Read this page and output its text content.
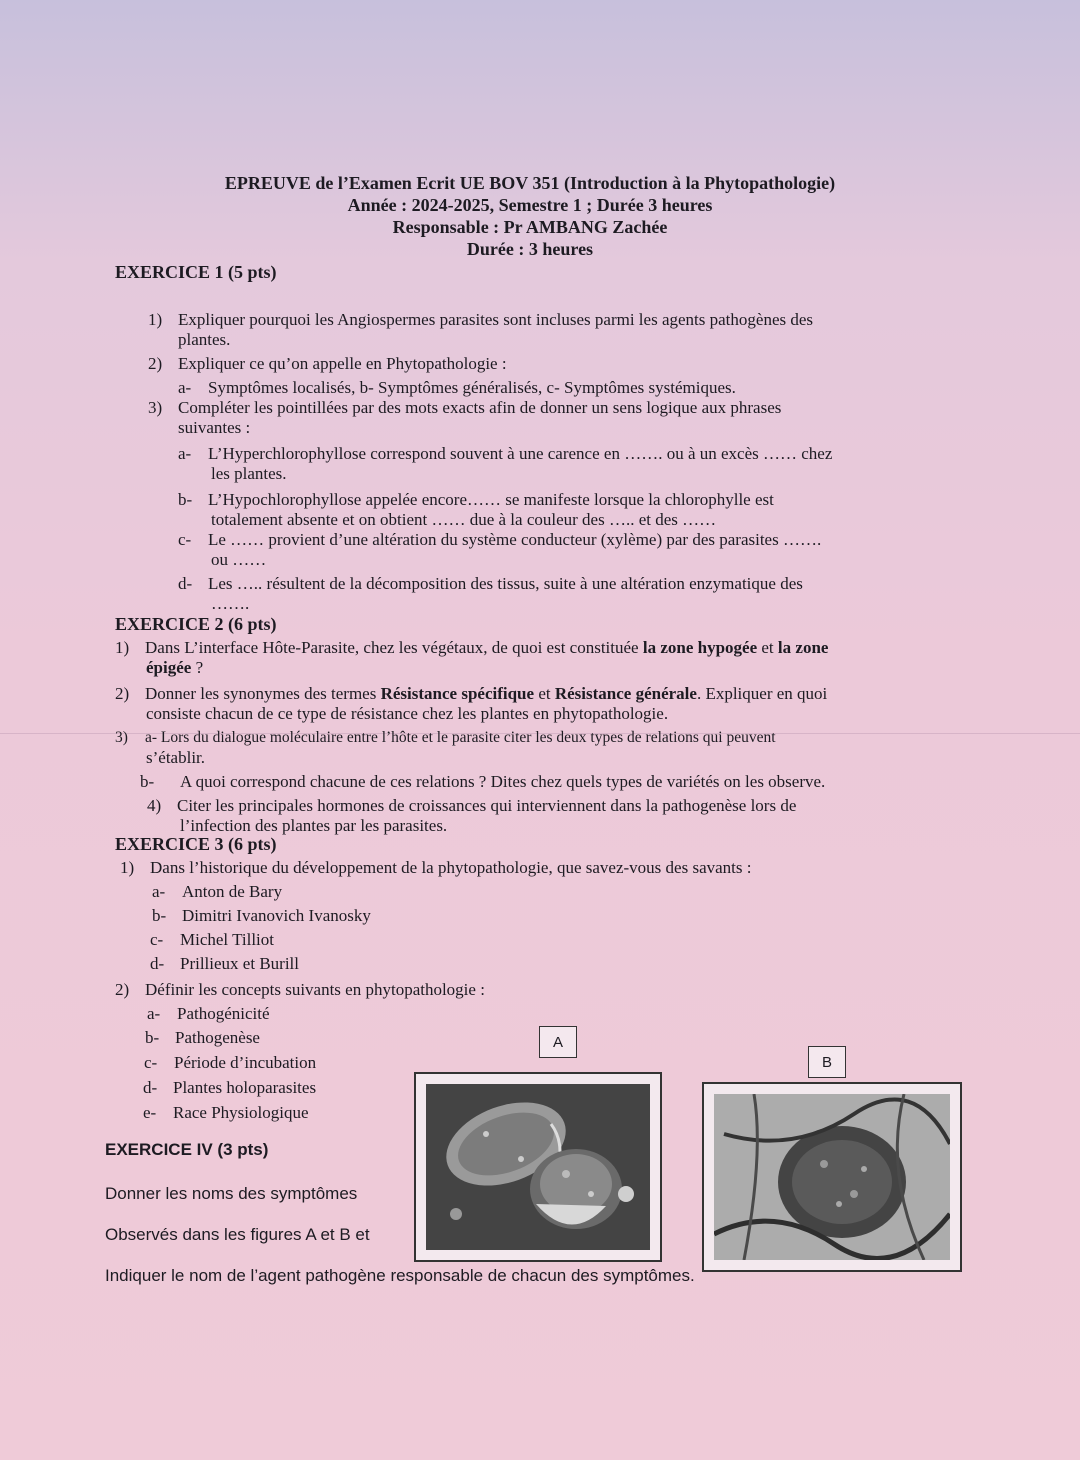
EPREUVE de l’Examen Ecrit UE BOV 351 (Introduction à la Phytopathologie)
Année : 2024-2025, Semestre 1 ; Durée 3 heures
Responsable : Pr AMBANG Zachée
Durée : 3 heures
EXERCICE 1 (5 pts)
1) Expliquer pourquoi les Angiospermes parasites sont incluses parmi les agents pathogènes des
plantes.
2) Expliquer ce qu’on appelle en Phytopathologie :
a- Symptômes localisés, b- Symptômes généralisés, c- Symptômes systémiques.
3) Compléter les pointillées par des mots exacts afin de donner un sens logique aux phrases
suivantes :
a- L’Hyperchlorophyllose correspond souvent à une carence en ……. ou à un excès …… chez
les plantes.
b- L’Hypochlorophyllose appelée encore…… se manifeste lorsque la chlorophylle est
totalement absente et on obtient …… due à la couleur des ….. et des ……
c- Le …… provient d’une altération du système conducteur (xylème) par des parasites …….
ou ……
d- Les ….. résultent de la décomposition des tissus, suite à une altération enzymatique des
…….
EXERCICE 2 (6 pts)
1) Dans L’interface Hôte-Parasite, chez les végétaux, de quoi est constituée la zone hypogée et la zone
épigée ?
2) Donner les synonymes des termes Résistance spécifique et Résistance générale. Expliquer en quoi
consiste chacun de ce type de résistance chez les plantes en phytopathologie.
3) a- Lors du dialogue moléculaire entre l’hôte et le parasite citer les deux types de relations qui peuvent
s’établir.
b- A quoi correspond chacune de ces relations ? Dites chez quels types de variétés on les observe.
4) Citer les principales hormones de croissances qui interviennent dans la pathogenèse lors de
l’infection des plantes par les parasites.
EXERCICE 3 (6 pts)
1) Dans l’historique du développement de la phytopathologie, que savez-vous des savants :
a- Anton de Bary
b- Dimitri Ivanovich Ivanosky
c- Michel Tilliot
d- Prillieux et Burill
2) Définir les concepts suivants en phytopathologie :
a- Pathogénicité
b- Pathogenèse
c- Période d’incubation
d- Plantes holoparasites
e- Race Physiologique
EXERCICE IV (3 pts)
Donner les noms des symptômes
Observés dans les figures A et B et
Indiquer le nom de l’agent pathogène responsable de chacun des symptômes.
A
B
